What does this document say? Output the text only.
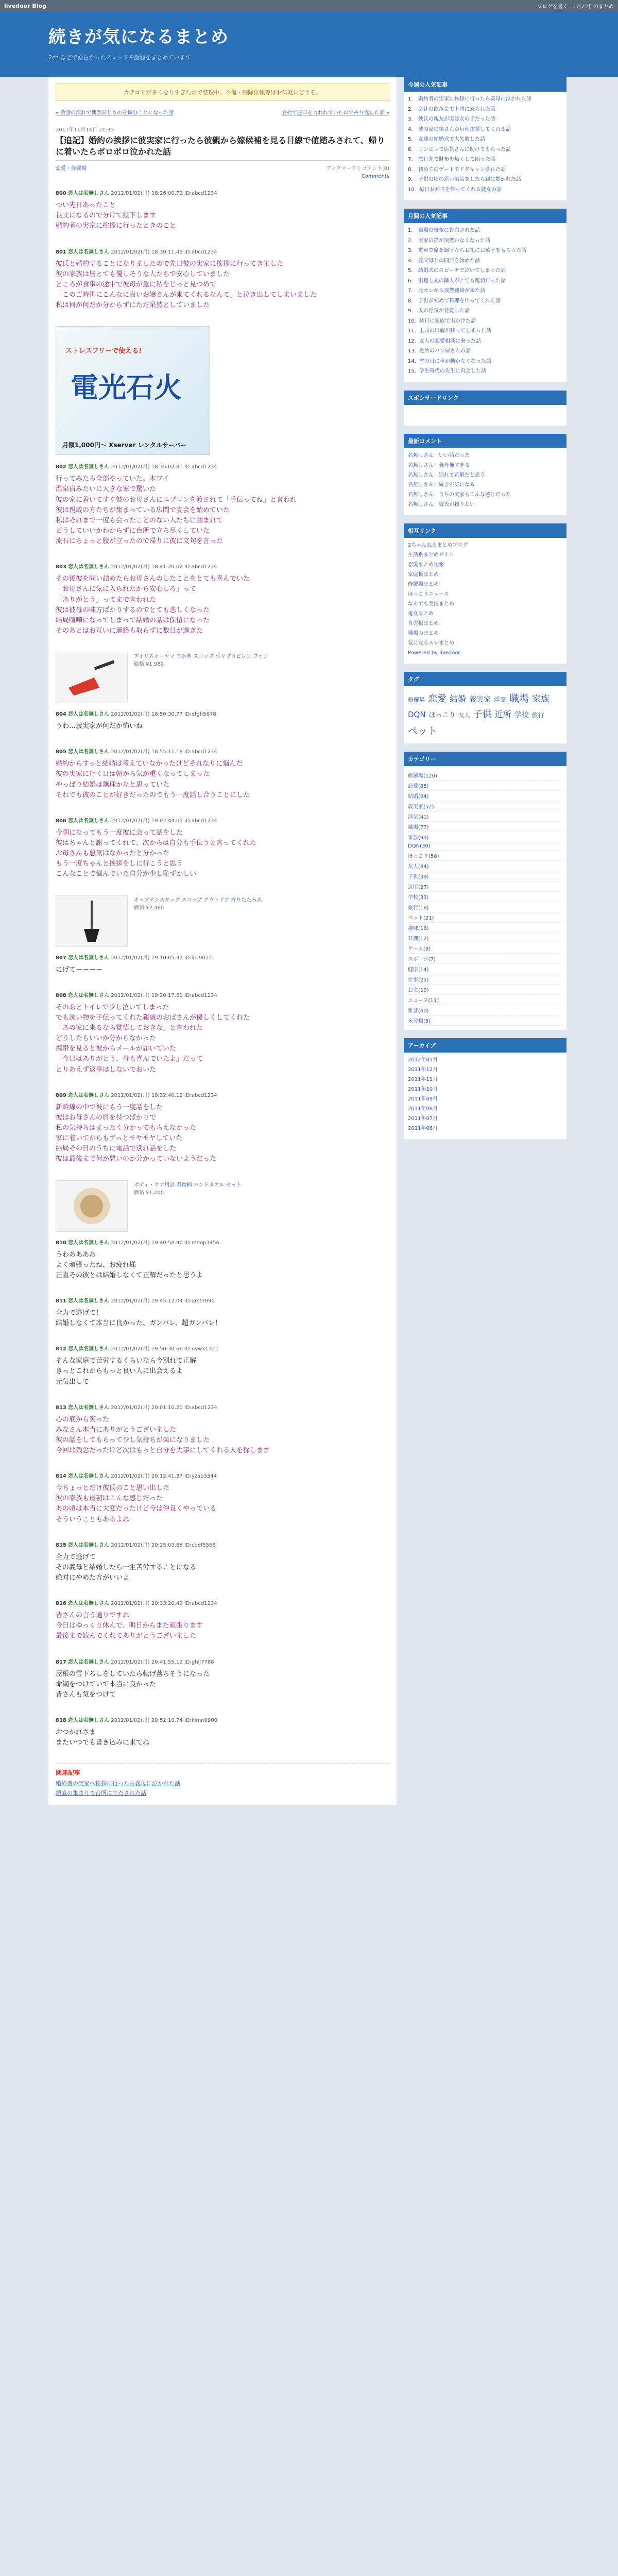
livedoor Blog	ブログを書く 1月22日のまとめ
続きが気になるまとめ
2ch などで面白かったスレッドや話題をまとめています
カテゴリが多くなりすぎたので整理中。不備・削除依頼等はお気軽にどうぞ。
« 会話の流れで偶然同じものを頼むことになった話	会社で悪口を言われていたのでやり返した話 »
2011年11月14日 21:35
【追記】婚約の挨拶に彼実家に行ったら彼親から嫁候補を見る目線で値踏みされて、帰りに着いたらポロポロ泣かれた話
恋愛・修羅場	ブックマーク | コメント(0)
Comments
800 恋人は名無しさん 2012/01/02(月) 18:26:00.72 ID:abcd1234

つい先日あったこと

長文になるので分けて投下します

婚約者の実家に挨拶に行ったときのこと

801 恋人は名無しさん 2012/01/02(月) 18:30:11.45 ID:abcd1234

彼氏と婚約することになりましたので先日彼の実家に挨拶に行ってきました

彼の家族は皆とても優しそうな人たちで安心していました

ところが食事の途中で彼母が急に私をじっと見つめて

「このご時世にこんなに良いお嬢さんが来てくれるなんて」と泣き出してしまいました

私は何が何だか分からずにただ呆然としていました

ストレスフリーで使える!
電光石火
月額1,000円〜 Xserver レンタルサーバー
802 恋人は名無しさん 2012/01/02(月) 18:35:02.81 ID:abcd1234

行ってみたら全部やっていた。木ワイ

温泉宿みたいに大きな家で驚いた

彼の家に着いてすぐ彼のお母さんにエプロンを渡されて「手伝ってね」と言われ

彼は親戚の方たちが集まっている広間で宴会を始めていた

私はそれまで一度も会ったことのない人たちに囲まれて

どうしていいかわからずに台所で立ち尽くしていた

流石にちょっと腹が立ったので帰りに彼に文句を言った

803 恋人は名無しさん 2012/01/02(月) 18:41:20.02 ID:abcd1234

その後彼を問い詰めたらお母さんのしたことをとても喜んでいた

「お母さんに気に入られたから安心しろ」って

「ありがとう」ってまで言われた

彼は彼母の味方ばかりするのでとても悲しくなった

結局喧嘩になってしまって結婚の話は保留になった

そのあとはお互いに連絡も取らずに数日が過ぎた

アイリスオーヤマ 雪かき スコップ ポリプロピレン ファン
価格 ¥1,980
804 恋人は名無しさん 2012/01/02(月) 18:50:30.77 ID:efgh5678

うわ…義実家が何だか怖いね

805 恋人は名無しさん 2012/01/02(月) 18:55:11.18 ID:abcd1234

婚約からすっと結婚は考えていなかったけどそれなりに悩んだ

彼の実家に行く日は朝から気が重くなってしまった

やっぱり結婚は無理かなと思っていた

それでも彼のことが好きだったのでもう一度話し合うことにした

806 恋人は名無しさん 2012/01/02(月) 19:02:44.05 ID:abcd1234

今朝になってもう一度彼に会って話をした

彼はちゃんと謝ってくれて、次からは自分も手伝うと言ってくれた

お母さんも悪気はなかったと分かった

もう一度ちゃんと挨拶をしに行こうと思う

こんなことで悩んでいた自分が少し恥ずかしい

キャプテンスタッグ スコップ アウトドア 折りたたみ式
価格 ¥2,480
807 恋人は名無しさん 2012/01/02(月) 19:10:05.33 ID:ijkl9012

にげてーーーー

808 恋人は名無しさん 2012/01/02(月) 19:20:17.61 ID:abcd1234

そのあとトイレで少し泣いてしまった

でも洗い物を手伝ってくれた親戚のおばさんが優しくしてくれた

「あの家に来るなら覚悟しておきな」と言われた

どうしたらいいか分からなかった

携帯を見ると彼からメールが届いていた

「今日はありがとう、母も喜んでいたよ」だって

とりあえず返事はしないでおいた

809 恋人は名無しさん 2012/01/02(月) 19:32:40.12 ID:abcd1234

新幹線の中で彼にもう一度話をした

彼はお母さんの肩を持つばかりで

私の気持ちはまったく分かってもらえなかった

家に着いてからもずっとモヤモヤしていた

結局その日のうちに電話で別れ話をした

彼は最後まで何が悪いのか分かっていないようだった

ボディ・ケア用品 着物柄 ハンドタオル セット
価格 ¥1,200
810 恋人は名無しさん 2012/01/02(月) 19:40:58.90 ID:mnop3456

うわああああ

よく頑張ったね、お疲れ様

正直その彼とは結婚しなくて正解だったと思うよ

811 恋人は名無しさん 2012/01/02(月) 19:45:12.04 ID:qrst7890

全力で逃げて！

結婚しなくて本当に良かった、ガンバレ、超ガンバレ！

812 恋人は名無しさん 2012/01/02(月) 19:50:30.66 ID:uvwx1122

そんな家庭で苦労するくらいなら今別れて正解

きっとこれからもっと良い人に出会えるよ

元気出して

813 恋人は名無しさん 2012/01/02(月) 20:01:10.20 ID:abcd1234

心の底から笑った

みなさん本当にありがとうございました

彼の話をしてもらって少し気持ちが楽になりました

今回は残念だったけど次はもっと自分を大事にしてくれる人を探します

814 恋人は名無しさん 2012/01/02(月) 20:12:41.37 ID:yzab3344

今ちょっとだけ彼氏のこと思い出した

彼の家族も最初はこんな感じだった

あの頃は本当に大変だったけど今は仲良くやっている

そういうこともあるよね

815 恋人は名無しさん 2012/01/02(月) 20:25:03.88 ID:cdef5566

全力で逃げて

その義母と結婚したら一生苦労することになる

絶対にやめた方がいいよ

816 恋人は名無しさん 2012/01/02(月) 20:33:20.49 ID:abcd1234

皆さんの言う通りですね

今日はゆっくり休んで、明日からまた頑張ります

最後まで読んでくれてありがとうございました

817 恋人は名無しさん 2012/01/02(月) 20:41:55.12 ID:ghij7788

屋根の雪下ろしをしていたら転げ落ちそうになった

命綱をつけていて本当に良かった

皆さんも気をつけて

818 恋人は名無しさん 2012/01/02(月) 20:52:10.74 ID:klmn9900

おつかれさま

またいつでも書き込みに来てね

関連記事
婚約者の実家へ挨拶に行ったら義母に泣かれた話
親戚の集まりで台所に立たされた話
今週の人気記事
1.	婚約者の実家に挨拶に行ったら義母に泣かれた話
2.	会社の飲み会で上司に怒られた話
3.	彼氏の親友が実は女の子だった話
4.	隣の家の奥さんが毎朝挨拶してくれる話
5.	友達の結婚式で大失敗した話
6.	コンビニで店員さんに助けてもらった話
7.	旅行先で財布を無くして困った話
8.	初めてのデートでドタキャンされた話
9.	子供の頃の思い出話をしたら親に驚かれた話
10. 毎日お弁当を作ってくれる彼女の話
月間の人気記事
1.	職場の後輩に告白された話
2.	実家の猫が突然いなくなった話
3.	電車で席を譲ったらお礼にお菓子をもらった話
4.	義父母との同居を始めた話
5.	結婚式のスピーチで泣いてしまった話
6.	引越し先の隣人がとても親切だった話
7.	元カレから突然連絡が来た話
8.	子供が初めて料理を作ってくれた話
9.	夫の浮気が発覚した話
10. 休日に家族で出かけた話
11. 上司の口癖が移ってしまった話
12. 友人の恋愛相談に乗った話
13. 近所のパン屋さんの話
14. 雪の日に車が動かなくなった話
15. 学生時代の先生に再会した話
スポンサードリンク
最新コメント
名無しさん：いい話だった
名無しさん：義母怖すぎる
名無しさん：別れて正解だと思う
名無しさん：続きが気になる
名無しさん：うちの実家もこんな感じだった
名無しさん：彼氏が頼りない
相互リンク
2ちゃんねるまとめブログ
生活系まとめサイト
恋愛まとめ速報
家庭板まとめ
修羅場まとめ
ほっこりニュース
なんでも実況まとめ
鬼女まとめ
育児板まとめ
職場のまとめ
気になるスレまとめ
Powered by livedoor
タグ
修羅場 恋愛 結婚 義実家 浮気 職場 家族DQN ほっこり 友人 子供 近所 学校 旅行ペット
カテゴリー
修羅場(120)
恋愛(85)
結婚(64)
義実家(52)
浮気(41)
職場(77)
家族(93)
DQN(30)
ほっこり(58)
友人(44)
子供(39)
近所(27)
学校(33)
旅行(18)
ペット(21)
趣味(16)
料理(12)
ゲーム(9)
スポーツ(7)
健康(14)
仕事(25)
お金(19)
ニュース(11)
雑談(40)
未分類(5)
アーカイブ
2012年01月
2011年12月
2011年11月
2011年10月
2011年09月
2011年08月
2011年07月
2011年06月
